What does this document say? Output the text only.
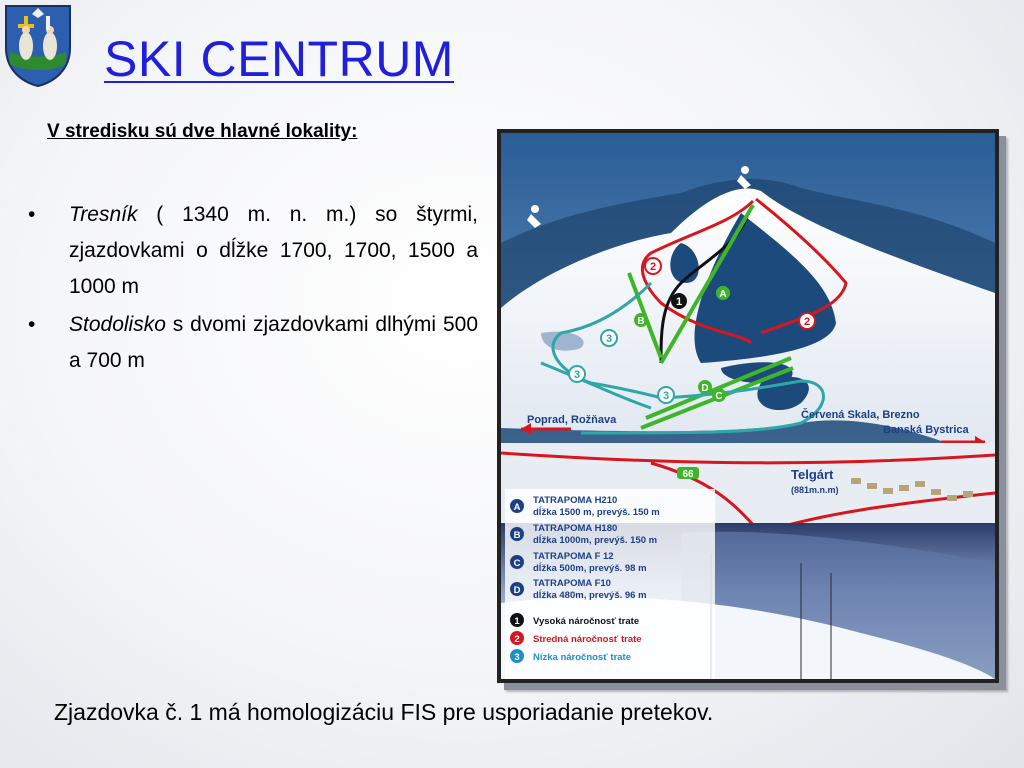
SKI CENTRUM

V stredisku sú dve hlavné lokality:

• Tresník ( 1340 m. n. m.) so štyrmi, zjazdovkami o dĺžke 1700, 1700, 1500 a 1000 m
• Stodolisko s dvomi zjazdovkami dlhými 500 a 700 m
1
2
2
3
3
3
A
B
C
D
Poprad, Rožňava	Červená Skala, Brezno
Banská Bystrica
66	Telgárt
(881m.n.m)
A
TATRAPOMA H210
dĺžka 1500 m, prevýš. 150 m
B
TATRAPOMA H180
dĺžka 1000m, prevýš. 150 m
C
TATRAPOMA F 12
dĺžka 500m, prevýš. 98 m
D
TATRAPOMA F10
dĺžka 480m, prevýš. 96 m
1 Vysoká náročnosť trate
2 Stredná náročnosť trate
3 Nízka náročnosť trate
Zjazdovka č. 1 má homologizáciu FIS pre usporiadanie pretekov.
